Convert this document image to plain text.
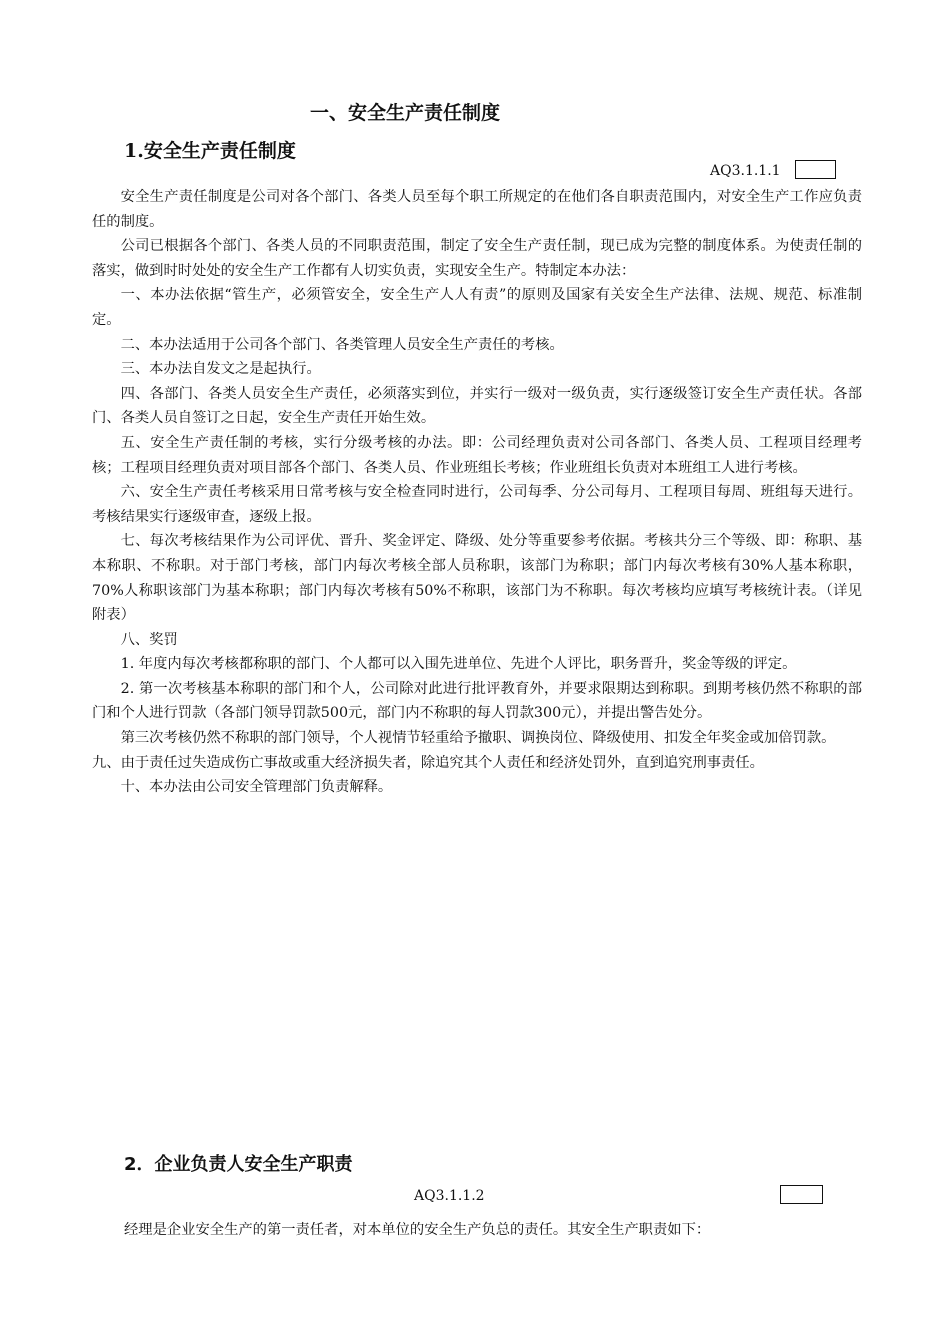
一、安全生产责任制度
1.安全生产责任制度
AQ3.1.1.1

安全生产责任制度是公司对各个部门、各类人员至每个职工所规定的在他们各自职责范围内，对安全生产工作应负责任的制度。

公司已根据各个部门、各类人员的不同职责范围，制定了安全生产责任制，现已成为完整的制度体系。为使责任制的落实，做到时时处处的安全生产工作都有人切实负责，实现安全生产。特制定本办法：

一、本办法依据“管生产，必须管安全，安全生产人人有责”的原则及国家有关安全生产法律、法规、规范、标准制定。

二、本办法适用于公司各个部门、各类管理人员安全生产责任的考核。

三、本办法自发文之是起执行。

四、各部门、各类人员安全生产责任，必须落实到位，并实行一级对一级负责，实行逐级签订安全生产责任状。各部门、各类人员自签订之日起，安全生产责任开始生效。

五、安全生产责任制的考核，实行分级考核的办法。即：公司经理负责对公司各部门、各类人员、工程项目经理考核；工程项目经理负责对项目部各个部门、各类人员、作业班组长考核；作业班组长负责对本班组工人进行考核。

六、安全生产责任考核采用日常考核与安全检查同时进行，公司每季、分公司每月、工程项目每周、班组每天进行。考核结果实行逐级审查，逐级上报。

七、每次考核结果作为公司评优、晋升、奖金评定、降级、处分等重要参考依据。考核共分三个等级、即：称职、基本称职、不称职。对于部门考核，部门内每次考核全部人员称职，该部门为称职；部门内每次考核有30%人基本称职，70%人称职该部门为基本称职；部门内每次考核有50%不称职，该部门为不称职。每次考核均应填写考核统计表。（详见附表）

八、奖罚

1. 年度内每次考核都称职的部门、个人都可以入围先进单位、先进个人评比，职务晋升，奖金等级的评定。

2. 第一次考核基本称职的部门和个人，公司除对此进行批评教育外，并要求限期达到称职。到期考核仍然不称职的部门和个人进行罚款（各部门领导罚款500元，部门内不称职的每人罚款300元），并提出警告处分。

第三次考核仍然不称职的部门领导，个人视情节轻重给予撤职、调换岗位、降级使用、扣发全年奖金或加倍罚款。

九、由于责任过失造成伤亡事故或重大经济损失者，除追究其个人责任和经济处罚外，直到追究刑事责任。

十、本办法由公司安全管理部门负责解释。

2．企业负责人安全生产职责
AQ3.1.1.2
经理是企业安全生产的第一责任者，对本单位的安全生产负总的责任。其安全生产职责如下：
